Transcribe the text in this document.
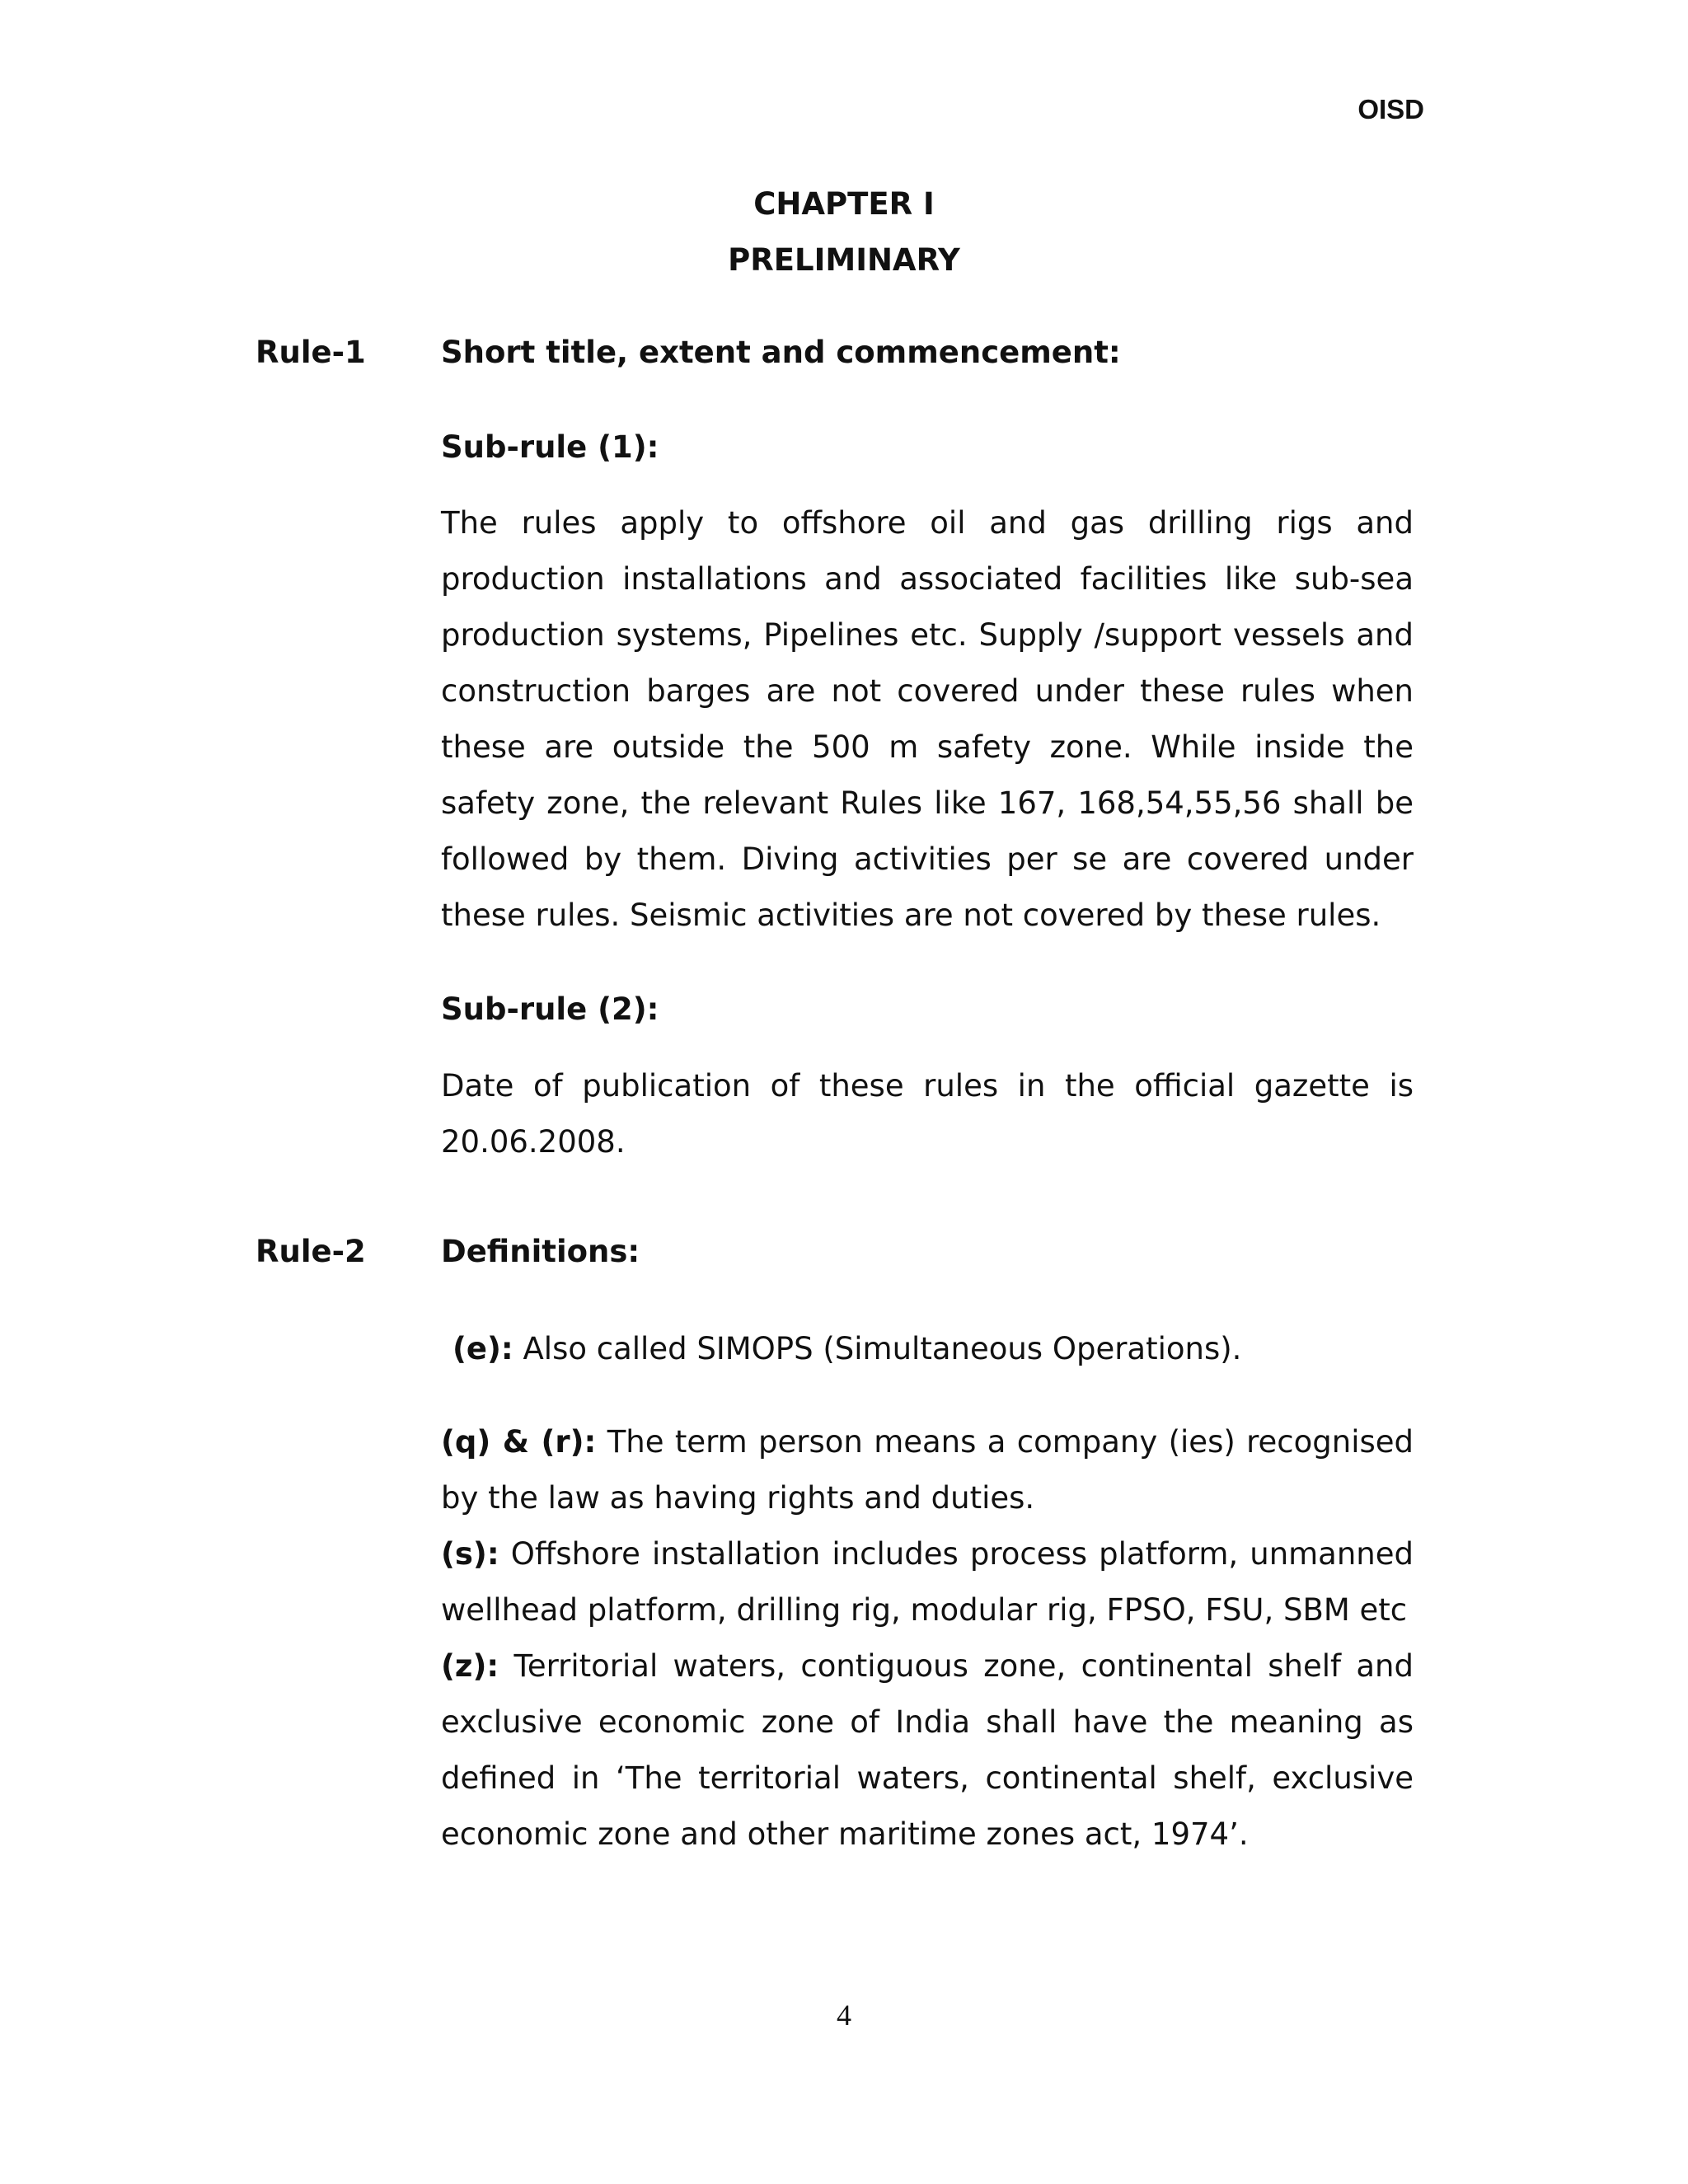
OISD
CHAPTER I
PRELIMINARY
Rule-1 Short title, extent and commencement:
Sub-rule (1):
The rules apply to offshore oil and gas drilling rigs and production installations and associated facilities like sub-sea production systems, Pipelines etc. Supply /support vessels and construction barges are not covered under these rules when these are outside the 500 m safety zone. While inside the safety zone, the relevant Rules like 167, 168,54,55,56 shall be followed by them. Diving activities per se are covered under these rules. Seismic activities are not covered by these rules.
Sub-rule (2):
Date of publication of these rules in the official gazette is 20.06.2008.
Rule-2 Definitions:

(e): Also called SIMOPS (Simultaneous Operations).

(q) & (r): The term person means a company (ies) recognised by the law as having rights and duties.

(s): Offshore installation includes process platform, unmanned wellhead platform, drilling rig, modular rig, FPSO, FSU, SBM etc

(z): Territorial waters, contiguous zone, continental shelf and exclusive economic zone of India shall have the meaning as defined in ‘The territorial waters, continental shelf, exclusive economic zone and other maritime zones act, 1974’.

4
